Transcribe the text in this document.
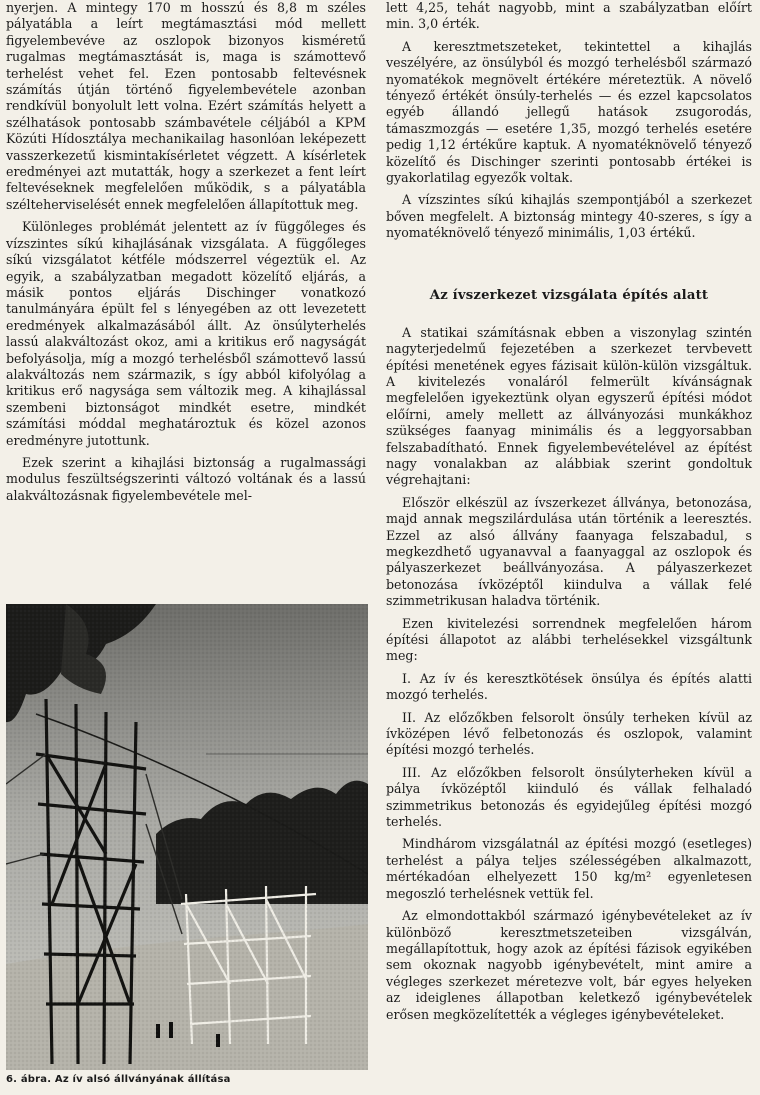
nyerjen. A mintegy 170 m hosszú és 8,8 m széles pályatábla a leírt megtámasztási mód mellett figyelembevéve az oszlopok bizonyos kisméretű rugalmas megtámasztását is, maga is számottevő terhelést vehet fel. Ezen pontosabb feltevésnek számítás útján történő figyelembevétele azonban rendkívül bonyolult lett volna. Ezért számítás helyett a szélhatások pontosabb számbavétele céljából a KPM Közúti Hídosztálya mechanikailag hasonlóan leképezett vasszerkezetű kismintakísérletet végzett. A kísérletek eredményei azt mutatták, hogy a szerkezet a fent leírt feltevéseknek megfelelően működik, s a pályatábla szélteherviselését ennek megfelelően állapítottuk meg.

Különleges problémát jelentett az ív függőleges és vízszintes síkú kihajlásának vizsgálata. A függőleges síkú vizsgálatot kétféle módszerrel végeztük el. Az egyik, a szabályzatban megadott közelítő eljárás, a másik pontos eljárás Dischinger vonatkozó tanulmányára épült fel s lényegében az ott levezetett eredmények alkalmazásából állt. Az önsúlyterhelés lassú alakváltozást okoz, ami a kritikus erő nagyságát befolyásolja, míg a mozgó terhelésből számottevő lassú alakváltozás nem származik, s így abból kifolyólag a kritikus erő nagysága sem változik meg. A kihajlással szembeni biztonságot mindkét esetre, mindkét számítási móddal meghatároztuk és közel azonos eredményre jutottunk.

Ezek szerint a kihajlási biztonság a rugalmassági modulus feszültségszerinti változó voltának és a lassú alakváltozásnak figyelembevétele mel-

6. ábra. Az ív alsó állványának állítása

lett 4,25, tehát nagyobb, mint a szabályzatban előírt min. 3,0 érték.

A keresztmetszeteket, tekintettel a kihajlás veszélyére, az önsúlyból és mozgó terhelésből származó nyomatékok megnövelt értékére méreteztük. A növelő tényező értékét önsúly-terhelés — és ezzel kapcsolatos egyéb állandó jellegű hatások zsugorodás, támaszmozgás — esetére 1,35, mozgó terhelés esetére pedig 1,12 értékűre kaptuk. A nyomatéknövelő tényező közelítő és Dischinger szerinti pontosabb értékei is gyakorlatilag egyezők voltak.

A vízszintes síkú kihajlás szempontjából a szerkezet bőven megfelelt. A biztonság mintegy 40-szeres, s így a nyomatéknövelő tényező minimális, 1,03 értékű.

Az ívszerkezet vizsgálata építés alatt

A statikai számításnak ebben a viszonylag szintén nagyterjedelmű fejezetében a szerkezet tervbevett építési menetének egyes fázisait külön-külön vizsgáltuk. A kivitelezés vonaláról felmerült kívánságnak megfelelően igyekeztünk olyan egyszerű építési módot előírni, amely mellett az állványozási munkákhoz szükséges faanyag minimális és a leggyorsabban felszabadítható. Ennek figyelembevételével az építést nagy vonalakban az alábbiak szerint gondoltuk végrehajtani:

Először elkészül az ívszerkezet állványa, betonozása, majd annak megszilárdulása után történik a leeresztés. Ezzel az alsó állvány faanyaga felszabadul, s megkezdhető ugyanavval a faanyaggal az oszlopok és pályaszerkezet beállványozása. A pályaszerkezet betonozása ívközéptől kiindulva a vállak felé szimmetrikusan haladva történik.

Ezen kivitelezési sorrendnek megfelelően három építési állapotot az alábbi terhelésekkel vizsgáltunk meg:

I. Az ív és keresztkötések önsúlya és építés alatti mozgó terhelés.

II. Az előzőkben felsorolt önsúly terheken kívül az ívközépen lévő felbetonozás és oszlopok, valamint építési mozgó terhelés.

III. Az előzőkben felsorolt önsúlyterheken kívül a pálya ívközéptől kiinduló és vállak felhaladó szimmetrikus betonozás és egyidejűleg építési mozgó terhelés.

Mindhárom vizsgálatnál az építési mozgó (esetleges) terhelést a pálya teljes szélességében alkalmazott, mértékadóan elhelyezett 150 kg/m² egyenletesen megoszló terhelésnek vettük fel.

Az elmondottakból származó igénybevételeket az ív különböző keresztmetszeteiben vizsgálván, megállapítottuk, hogy azok az építési fázisok egyikében sem okoznak nagyobb igénybevételt, mint amire a végleges szerkezet méretezve volt, bár egyes helyeken az ideiglenes állapotban keletkező igénybevételek erősen megközelítették a végleges igénybevételeket.
